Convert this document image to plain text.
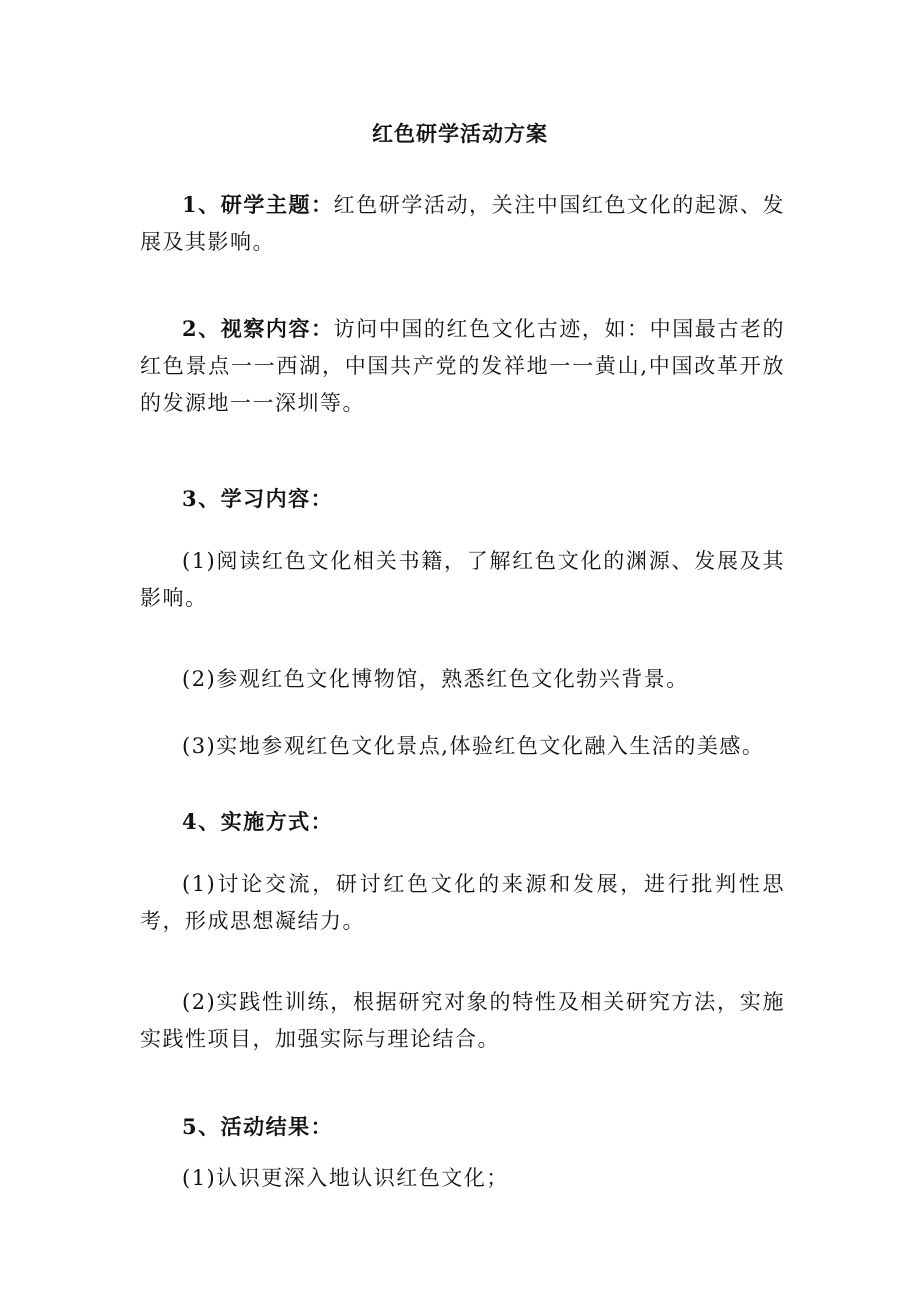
红色研学活动方案

1、研学主题：红色研学活动，关注中国红色文化的起源、发展及其影响。

2、视察内容：访问中国的红色文化古迹，如：中国最古老的红色景点一一西湖，中国共产党的发祥地一一黄山,中国改革开放的发源地一一深圳等。

3、学习内容：

(1)阅读红色文化相关书籍，了解红色文化的渊源、发展及其影响。

(2)参观红色文化博物馆，熟悉红色文化勃兴背景。

(3)实地参观红色文化景点,体验红色文化融入生活的美感。

4、实施方式：

(1)讨论交流，研讨红色文化的来源和发展，进行批判性思考，形成思想凝结力。

(2)实践性训练，根据研究对象的特性及相关研究方法，实施实践性项目，加强实际与理论结合。

5、活动结果：

(1)认识更深入地认识红色文化；
